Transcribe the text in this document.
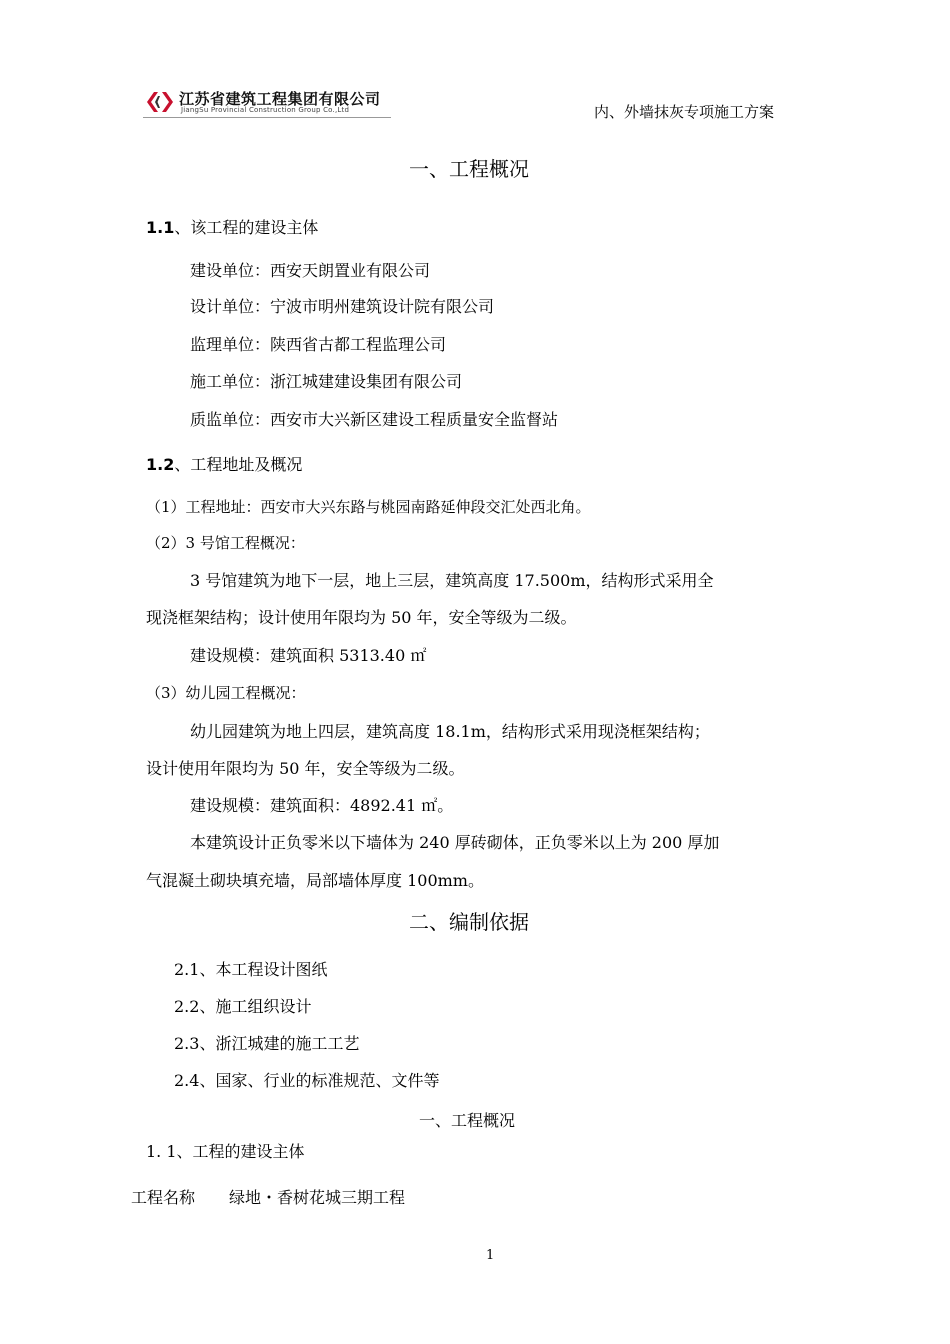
江苏省建筑工程集团有限公司
JiangSu Provincial Construction Group Co.,Ltd	内、外墙抹灰专项施工方案
一、工程概况
1.1、该工程的建设主体
建设单位：西安天朗置业有限公司
设计单位：宁波市明州建筑设计院有限公司
监理单位：陕西省古都工程监理公司
施工单位：浙江城建建设集团有限公司
质监单位：西安市大兴新区建设工程质量安全监督站
1.2、工程地址及概况
（1）工程地址：西安市大兴东路与桃园南路延伸段交汇处西北角。
（2）3 号馆工程概况：
3 号馆建筑为地下一层，地上三层，建筑高度 17.500m，结构形式采用全
现浇框架结构；设计使用年限均为 50 年，安全等级为二级。
建设规模：建筑面积 5313.40 ㎡
（3）幼儿园工程概况：
幼儿园建筑为地上四层，建筑高度 18.1m，结构形式采用现浇框架结构；
设计使用年限均为 50 年，安全等级为二级。
建设规模：建筑面积：4892.41 ㎡。
本建筑设计正负零米以下墙体为 240 厚砖砌体，正负零米以上为 200 厚加
气混凝土砌块填充墙，局部墙体厚度 100mm。
二、编制依据
2.1、本工程设计图纸
2.2、施工组织设计
2.3、浙江城建的施工工艺
2.4、国家、行业的标准规范、文件等
一、工程概况
1. 1、工程的建设主体
工程名称 绿地・香树花城三期工程
1
